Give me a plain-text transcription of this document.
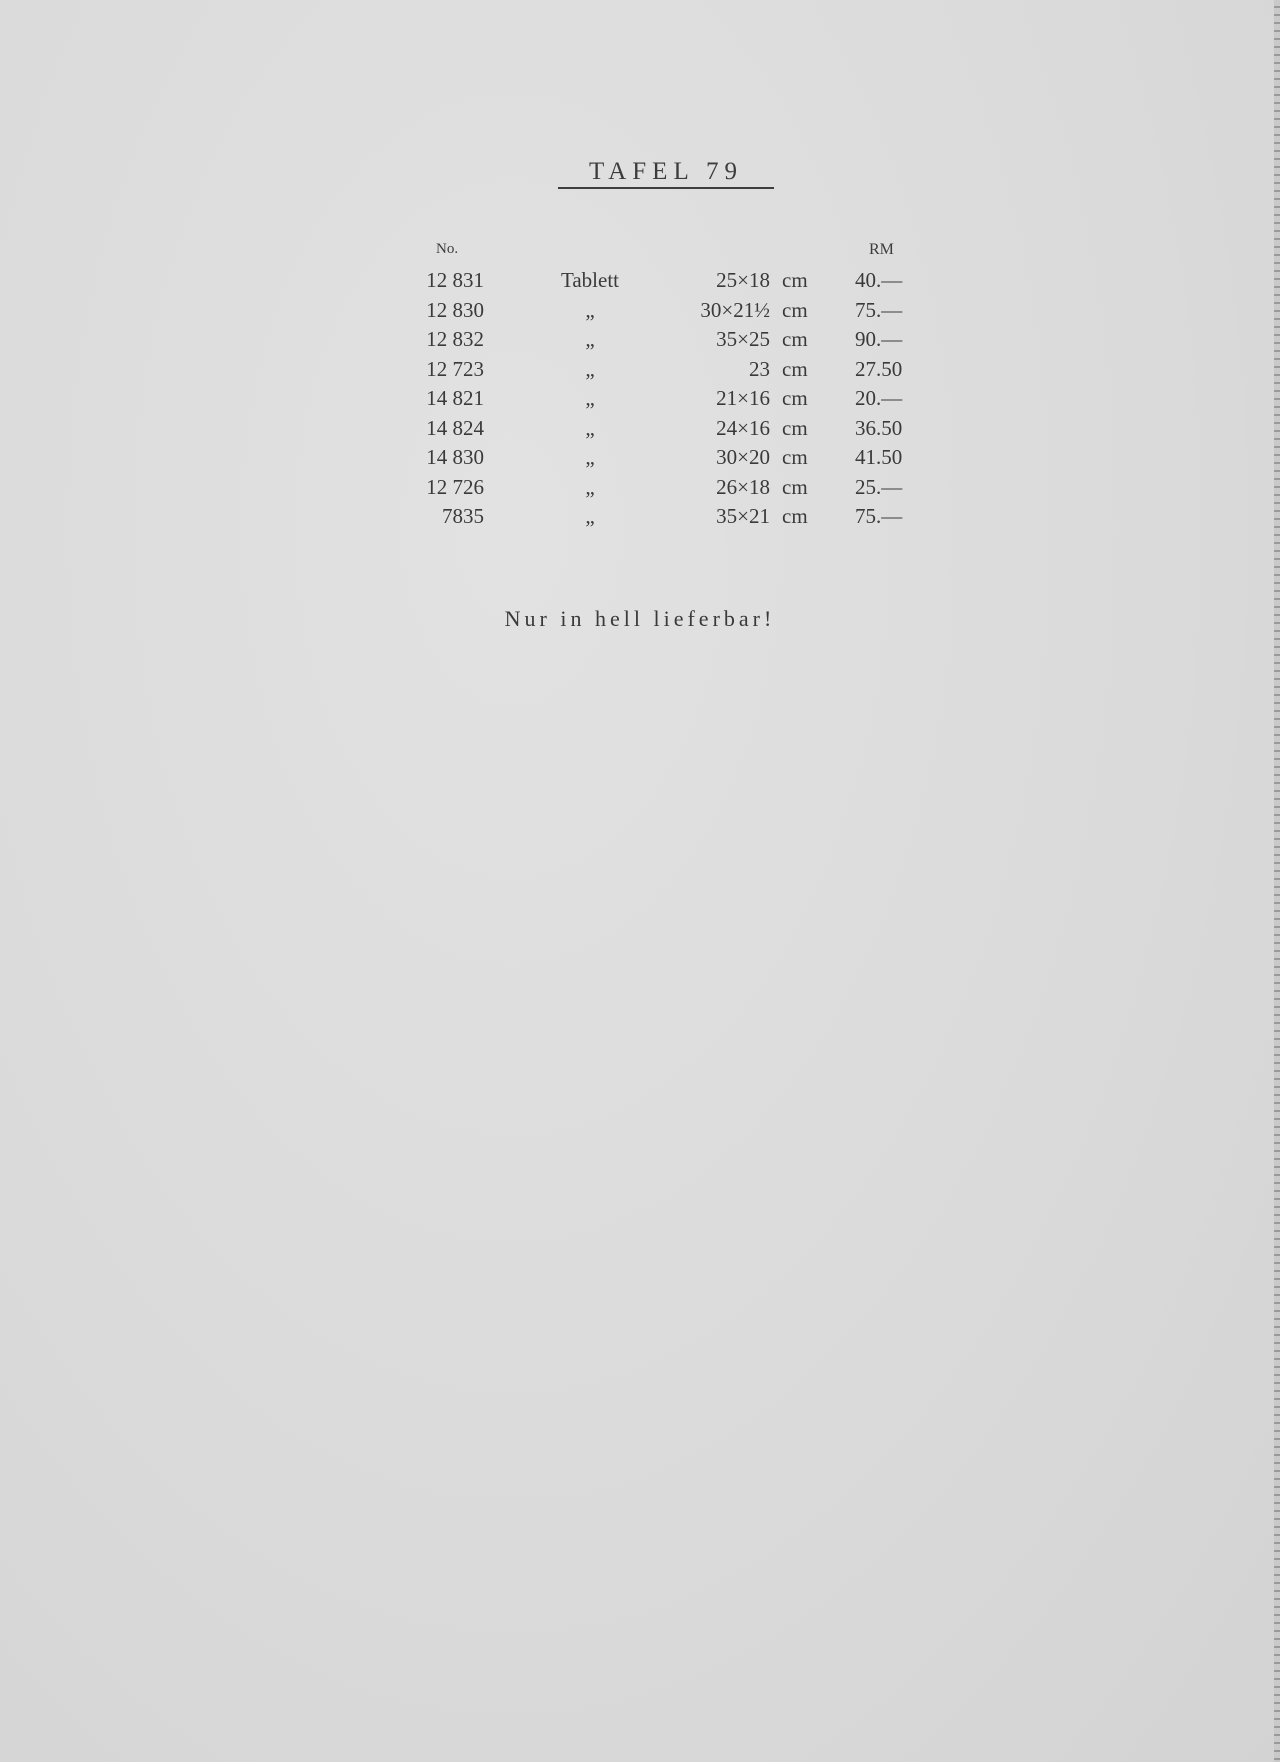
TAFEL 79
No.	RM
12 831	Tablett	25×18 cm	40.—
12 830	„	30×21½ cm	75.—
12 832	„	35×25 cm	90.—
12 723	„	23 cm	27.50
14 821	„	21×16 cm	20.—
14 824	„	24×16 cm	36.50
14 830	„	30×20 cm	41.50
12 726	„	26×18 cm	25.—
7835	„	35×21 cm	75.—
Nur in hell lieferbar!
